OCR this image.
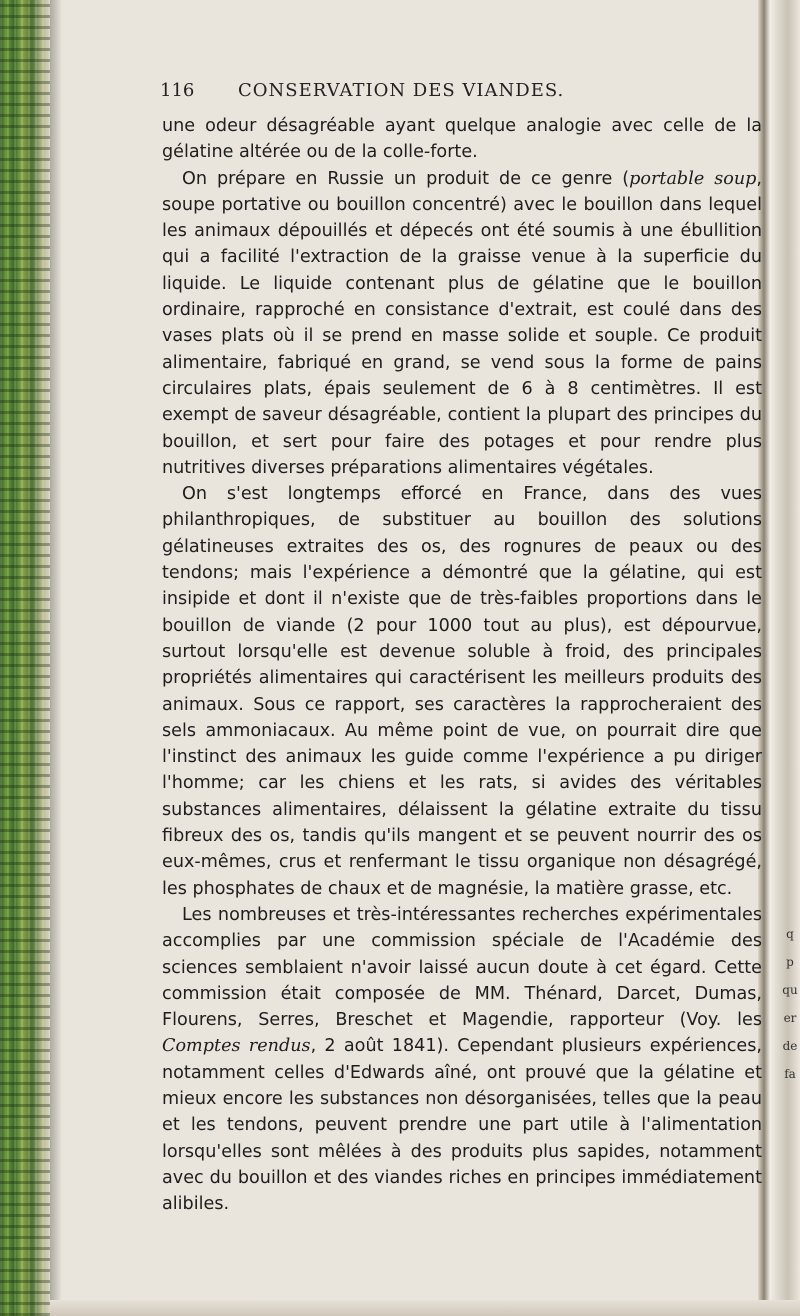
q
p
qu
er
de
fa
116 CONSERVATION DES VIANDES.

une odeur désagréable ayant quelque analogie avec celle de la gélatine altérée ou de la colle-forte.

On prépare en Russie un produit de ce genre (portable soup, soupe portative ou bouillon concentré) avec le bouillon dans lequel les animaux dépouillés et dépecés ont été soumis à une ébullition qui a facilité l'extraction de la graisse venue à la superficie du liquide. Le liquide contenant plus de gélatine que le bouillon ordinaire, rapproché en consistance d'extrait, est coulé dans des vases plats où il se prend en masse solide et souple. Ce produit alimentaire, fabriqué en grand, se vend sous la forme de pains circulaires plats, épais seulement de 6 à 8 centimètres. Il est exempt de saveur désagréable, contient la plupart des principes du bouillon, et sert pour faire des potages et pour rendre plus nutritives diverses préparations alimentaires végétales.

On s'est longtemps efforcé en France, dans des vues philanthropiques, de substituer au bouillon des solutions gélatineuses extraites des os, des rognures de peaux ou des tendons; mais l'expérience a démontré que la gélatine, qui est insipide et dont il n'existe que de très-faibles proportions dans le bouillon de viande (2 pour 1000 tout au plus), est dépourvue, surtout lorsqu'elle est devenue soluble à froid, des principales propriétés alimentaires qui caractérisent les meilleurs produits des animaux. Sous ce rapport, ses caractères la rapprocheraient des sels ammoniacaux. Au même point de vue, on pourrait dire que l'instinct des animaux les guide comme l'expérience a pu diriger l'homme; car les chiens et les rats, si avides des véritables substances alimentaires, délaissent la gélatine extraite du tissu fibreux des os, tandis qu'ils mangent et se peuvent nourrir des os eux-mêmes, crus et renfermant le tissu organique non désagrégé, les phosphates de chaux et de magnésie, la matière grasse, etc.

Les nombreuses et très-intéressantes recherches expérimentales accomplies par une commission spéciale de l'Académie des sciences semblaient n'avoir laissé aucun doute à cet égard. Cette commission était composée de MM. Thénard, Darcet, Dumas, Flourens, Serres, Breschet et Magendie, rapporteur (Voy. les Comptes rendus, 2 août 1841). Cependant plusieurs expériences, notamment celles d'Edwards aîné, ont prouvé que la gélatine et mieux encore les substances non désorganisées, telles que la peau et les tendons, peuvent prendre une part utile à l'alimentation lorsqu'elles sont mêlées à des produits plus sapides, notamment avec du bouillon et des viandes riches en principes immédiatement alibiles.
